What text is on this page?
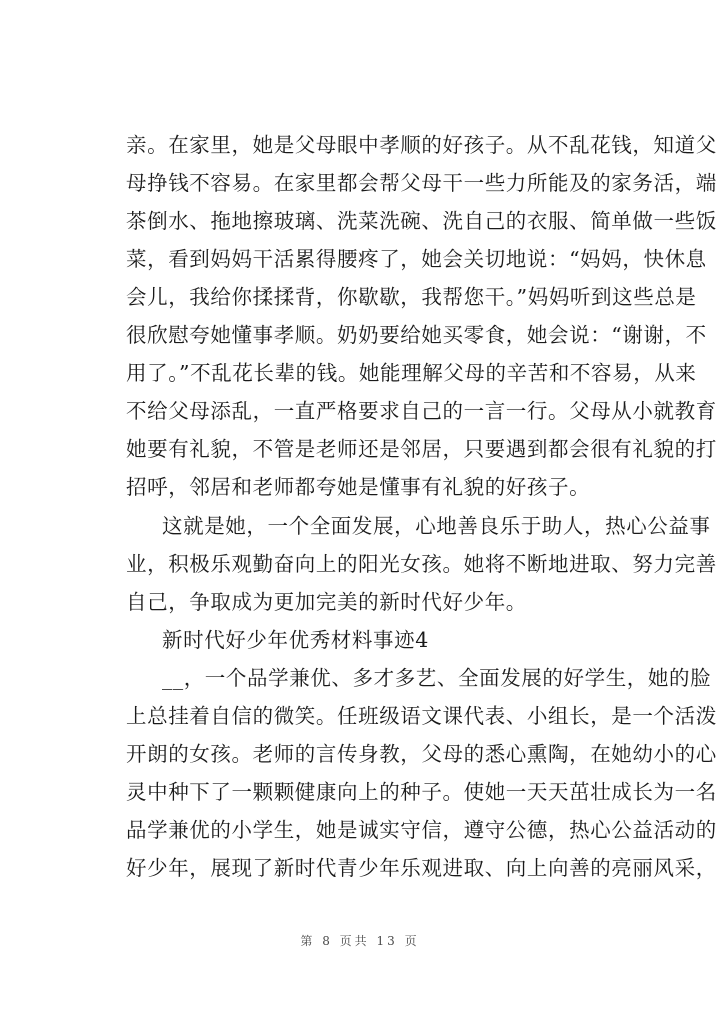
亲。在家里，她是父母眼中孝顺的好孩子。从不乱花钱，知道父
母挣钱不容易。在家里都会帮父母干一些力所能及的家务活，端
茶倒水、拖地擦玻璃、洗菜洗碗、洗自己的衣服、简单做一些饭
菜，看到妈妈干活累得腰疼了，她会关切地说：“妈妈，快休息
会儿，我给你揉揉背，你歇歇，我帮您干。”妈妈听到这些总是
很欣慰夸她懂事孝顺。奶奶要给她买零食，她会说：“谢谢，不
用了。”不乱花长辈的钱。她能理解父母的辛苦和不容易，从来
不给父母添乱，一直严格要求自己的一言一行。父母从小就教育
她要有礼貌，不管是老师还是邻居，只要遇到都会很有礼貌的打
招呼，邻居和老师都夸她是懂事有礼貌的好孩子。
这就是她，一个全面发展，心地善良乐于助人，热心公益事
业，积极乐观勤奋向上的阳光女孩。她将不断地进取、努力完善
自己，争取成为更加完美的新时代好少年。
新时代好少年优秀材料事迹4
__，一个品学兼优、多才多艺、全面发展的好学生，她的脸
上总挂着自信的微笑。任班级语文课代表、小组长，是一个活泼
开朗的女孩。老师的言传身教，父母的悉心熏陶，在她幼小的心
灵中种下了一颗颗健康向上的种子。使她一天天茁壮成长为一名
品学兼优的小学生，她是诚实守信，遵守公德，热心公益活动的
好少年，展现了新时代青少年乐观进取、向上向善的亮丽风采，
第 8 页共 13 页
